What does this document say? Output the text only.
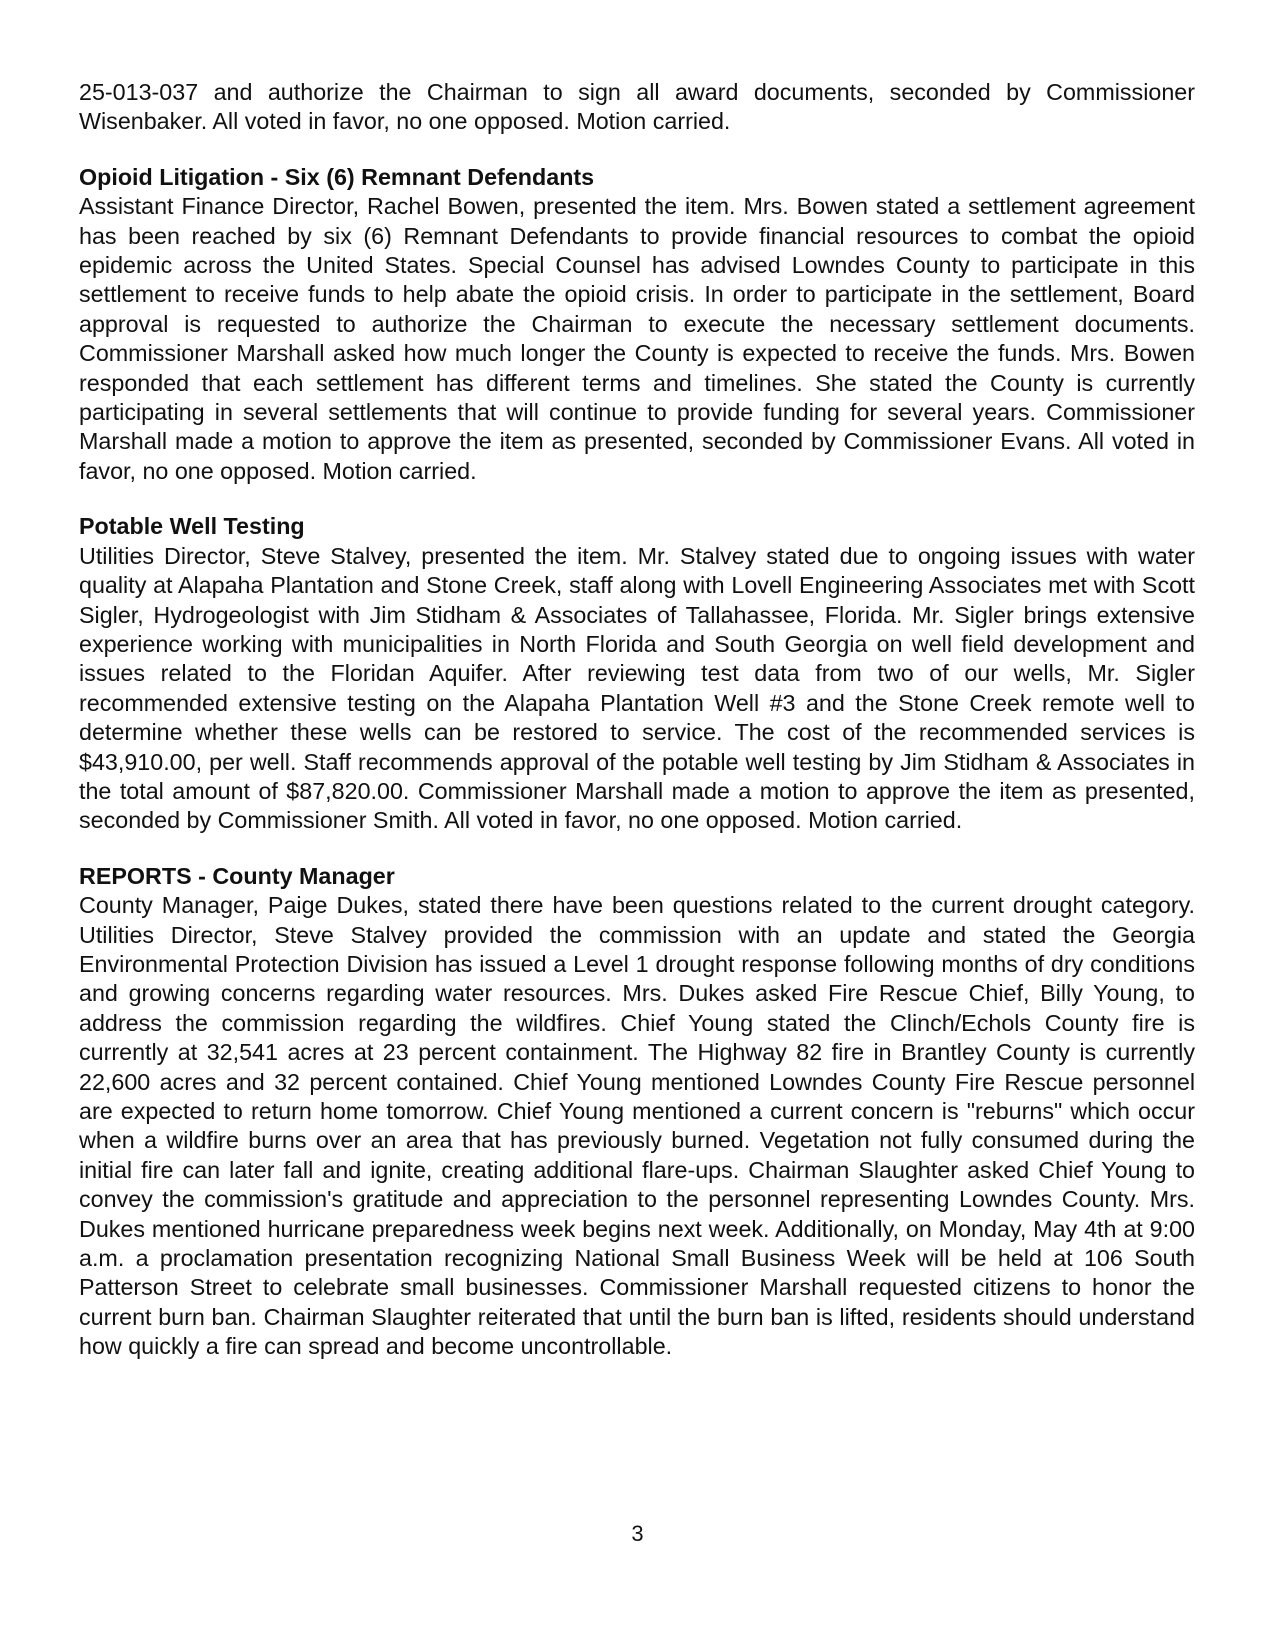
25-013-037 and authorize the Chairman to sign all award documents, seconded by Commissioner Wisenbaker. All voted in favor, no one opposed. Motion carried.

Opioid Litigation - Six (6) Remnant Defendants

Assistant Finance Director, Rachel Bowen, presented the item. Mrs. Bowen stated a settlement agreement has been reached by six (6) Remnant Defendants to provide financial resources to combat the opioid epidemic across the United States. Special Counsel has advised Lowndes County to participate in this settlement to receive funds to help abate the opioid crisis. In order to participate in the settlement, Board approval is requested to authorize the Chairman to execute the necessary settlement documents. Commissioner Marshall asked how much longer the County is expected to receive the funds. Mrs. Bowen responded that each settlement has different terms and timelines. She stated the County is currently participating in several settlements that will continue to provide funding for several years. Commissioner Marshall made a motion to approve the item as presented, seconded by Commissioner Evans. All voted in favor, no one opposed. Motion carried.

Potable Well Testing

Utilities Director, Steve Stalvey, presented the item. Mr. Stalvey stated due to ongoing issues with water quality at Alapaha Plantation and Stone Creek, staff along with Lovell Engineering Associates met with Scott Sigler, Hydrogeologist with Jim Stidham & Associates of Tallahassee, Florida. Mr. Sigler brings extensive experience working with municipalities in North Florida and South Georgia on well field development and issues related to the Floridan Aquifer. After reviewing test data from two of our wells, Mr. Sigler recommended extensive testing on the Alapaha Plantation Well #3 and the Stone Creek remote well to determine whether these wells can be restored to service. The cost of the recommended services is $43,910.00, per well. Staff recommends approval of the potable well testing by Jim Stidham & Associates in the total amount of $87,820.00. Commissioner Marshall made a motion to approve the item as presented, seconded by Commissioner Smith. All voted in favor, no one opposed. Motion carried.

REPORTS - County Manager

County Manager, Paige Dukes, stated there have been questions related to the current drought category. Utilities Director, Steve Stalvey provided the commission with an update and stated the Georgia Environmental Protection Division has issued a Level 1 drought response following months of dry conditions and growing concerns regarding water resources. Mrs. Dukes asked Fire Rescue Chief, Billy Young, to address the commission regarding the wildfires. Chief Young stated the Clinch/Echols County fire is currently at 32,541 acres at 23 percent containment. The Highway 82 fire in Brantley County is currently 22,600 acres and 32 percent contained. Chief Young mentioned Lowndes County Fire Rescue personnel are expected to return home tomorrow. Chief Young mentioned a current concern is "reburns" which occur when a wildfire burns over an area that has previously burned. Vegetation not fully consumed during the initial fire can later fall and ignite, creating additional flare-ups. Chairman Slaughter asked Chief Young to convey the commission's gratitude and appreciation to the personnel representing Lowndes County. Mrs. Dukes mentioned hurricane preparedness week begins next week. Additionally, on Monday, May 4th at 9:00 a.m. a proclamation presentation recognizing National Small Business Week will be held at 106 South Patterson Street to celebrate small businesses. Commissioner Marshall requested citizens to honor the current burn ban. Chairman Slaughter reiterated that until the burn ban is lifted, residents should understand how quickly a fire can spread and become uncontrollable.

3
